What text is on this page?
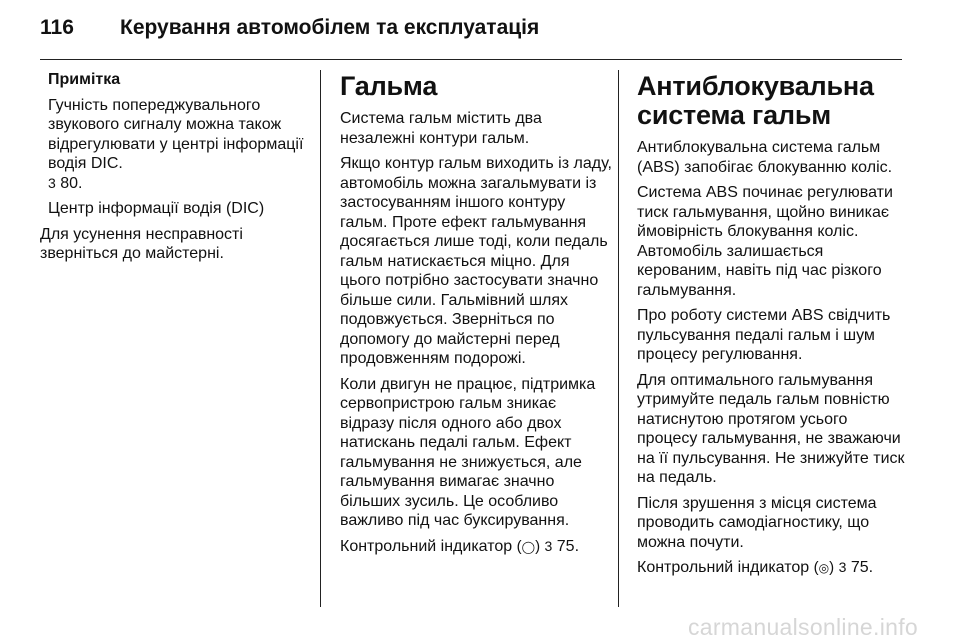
116	Керування автомобілем та експлуатація

Примітка

Гучність попереджувального звукового сигналу можна також відрегулювати у центрі інформації водія DIC.
3 80.

Центр інформації водія (DIC)

Для усунення несправності зверніться до майстерні.

Гальма

Система гальм містить два незалежні контури гальм.

Якщо контур гальм виходить із ладу, автомобіль можна загальмувати із застосуванням іншого контуру гальм. Проте ефект гальмування досягається лише тоді, коли педаль гальм натискається міцно. Для цього потрібно застосувати значно більше сили. Гальмівний шлях подовжується. Зверніться по допомогу до майстерні перед продовженням подорожі.

Коли двигун не працює, підтримка сервопристрою гальм зникає відразу після одного або двох натискань педалі гальм. Ефект гальмування не знижується, але гальмування вимагає значно більших зусиль. Це особливо важливо під час буксирування.

Контрольний індикатор (◯) 3 75.

Антиблокувальна система гальм

Антиблокувальна система гальм (ABS) запобігає блокуванню коліс.

Система ABS починає регулювати тиск гальмування, щойно виникає ймовірність блокування коліс. Автомобіль залишається керованим, навіть під час різкого гальмування.

Про роботу системи ABS свідчить пульсування педалі гальм і шум процесу регулювання.

Для оптимального гальмування утримуйте педаль гальм повністю натиснутою протягом усього процесу гальмування, не зважаючи на її пульсування. Не знижуйте тиск на педаль.

Після зрушення з місця система проводить самодіагностику, що можна почути.

Контрольний індикатор (◎) 3 75.

carmanualsonline.info
